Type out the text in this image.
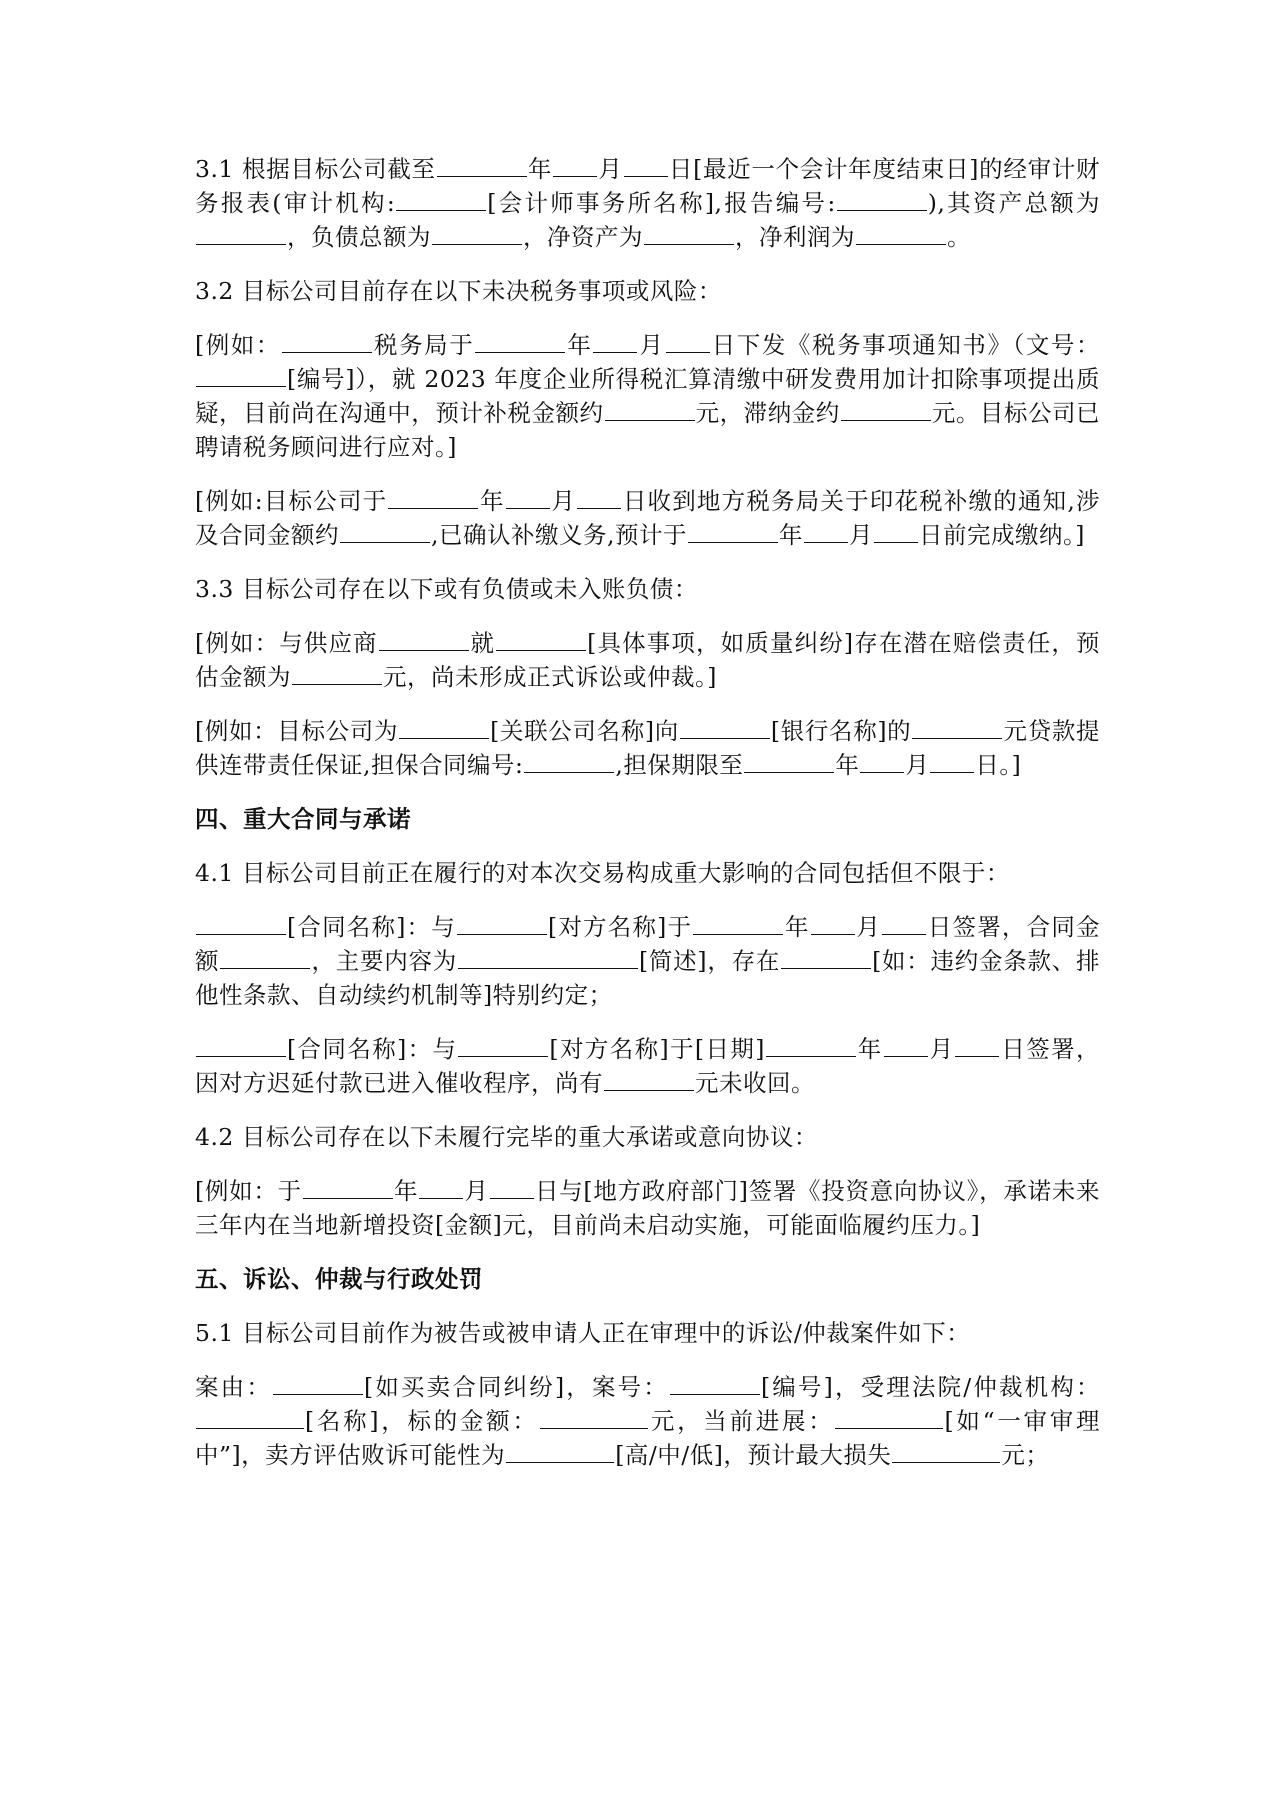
3.1 根据目标公司截至	年 月 日[最近一个会计年度结束日]的经审计财务报表(审计机构:	[会计师事务所名称],报告编号:	),其资产总额为，负债总额为	，净资产为	，净利润为	。

3.2 目标公司目前存在以下未决税务事项或风险：

[例如：	税务局于	年 月 日下发《税务事项通知书》（文号：[编号]），就 2023 年度企业所得税汇算清缴中研发费用加计扣除事项提出质疑，目前尚在沟通中，预计补税金额约	元，滞纳金约	元。目标公司已聘请税务顾问进行应对。]

[例如:目标公司于	年 月 日收到地方税务局关于印花税补缴的通知,涉及合同金额约	,已确认补缴义务,预计于	年 月 日前完成缴纳。]

3.3 目标公司存在以下或有负债或未入账负债：

[例如：与供应商	就	[具体事项，如质量纠纷]存在潜在赔偿责任，预估金额为	元，尚未形成正式诉讼或仲裁。]

[例如：目标公司为	[关联公司名称]向	[银行名称]的	元贷款提供连带责任保证,担保合同编号:	,担保期限至	年 月 日。]

四、重大合同与承诺

4.1 目标公司目前正在履行的对本次交易构成重大影响的合同包括但不限于：

[合同名称]：与	[对方名称]于	年 月 日签署，合同金额	，主要内容为	[简述]，存在	[如：违约金条款、排他性条款、自动续约机制等]特别约定；

[合同名称]：与	[对方名称]于[日期]	年 月 日签署，因对方迟延付款已进入催收程序，尚有	元未收回。

4.2 目标公司存在以下未履行完毕的重大承诺或意向协议：

[例如：于	年 月 日与[地方政府部门]签署《投资意向协议》，承诺未来三年内在当地新增投资[金额]元，目前尚未启动实施，可能面临履约压力。]

五、诉讼、仲裁与行政处罚

5.1 目标公司目前作为被告或被申请人正在审理中的诉讼/仲裁案件如下：

案由：	[如买卖合同纠纷]，案号：	[编号]，受理法院/仲裁机构：[名称]，标的金额：	元，当前进展：	[如“一审审理中”]，卖方评估败诉可能性为	[高/中/低]，预计最大损失	元；
